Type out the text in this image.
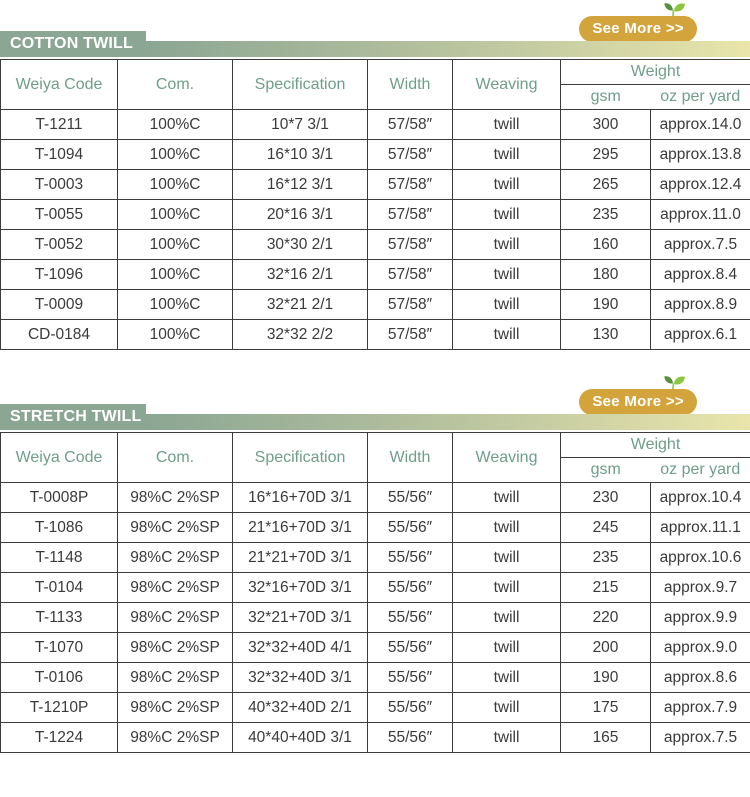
See More >>
COTTON TWILL
Weiya Code	Com.	Specification	Width	Weaving	Weight	
					gsm	oz per yard
T-1211	100%C	10*7 3/1	57/58″	twill	300	approx.14.0
T-1094	100%C	16*10 3/1	57/58″	twill	295	approx.13.8
T-0003	100%C	16*12 3/1	57/58″	twill	265	approx.12.4
T-0055	100%C	20*16 3/1	57/58″	twill	235	approx.11.0
T-0052	100%C	30*30 2/1	57/58″	twill	160	approx.7.5
T-1096	100%C	32*16 2/1	57/58″	twill	180	approx.8.4
T-0009	100%C	32*21 2/1	57/58″	twill	190	approx.8.9
CD-0184	100%C	32*32 2/2	57/58″	twill	130	approx.6.1
See More >>
STRETCH TWILL
Weiya Code	Com.	Specification	Width	Weaving	Weight	
					gsm	oz per yard
T-0008P	98%C 2%SP	16*16+70D 3/1	55/56″	twill	230	approx.10.4
T-1086	98%C 2%SP	21*16+70D 3/1	55/56″	twill	245	approx.11.1
T-1148	98%C 2%SP	21*21+70D 3/1	55/56″	twill	235	approx.10.6
T-0104	98%C 2%SP	32*16+70D 3/1	55/56″	twill	215	approx.9.7
T-1133	98%C 2%SP	32*21+70D 3/1	55/56″	twill	220	approx.9.9
T-1070	98%C 2%SP	32*32+40D 4/1	55/56″	twill	200	approx.9.0
T-0106	98%C 2%SP	32*32+40D 3/1	55/56″	twill	190	approx.8.6
T-1210P	98%C 2%SP	40*32+40D 2/1	55/56″	twill	175	approx.7.9
T-1224	98%C 2%SP	40*40+40D 3/1	55/56″	twill	165	approx.7.5
